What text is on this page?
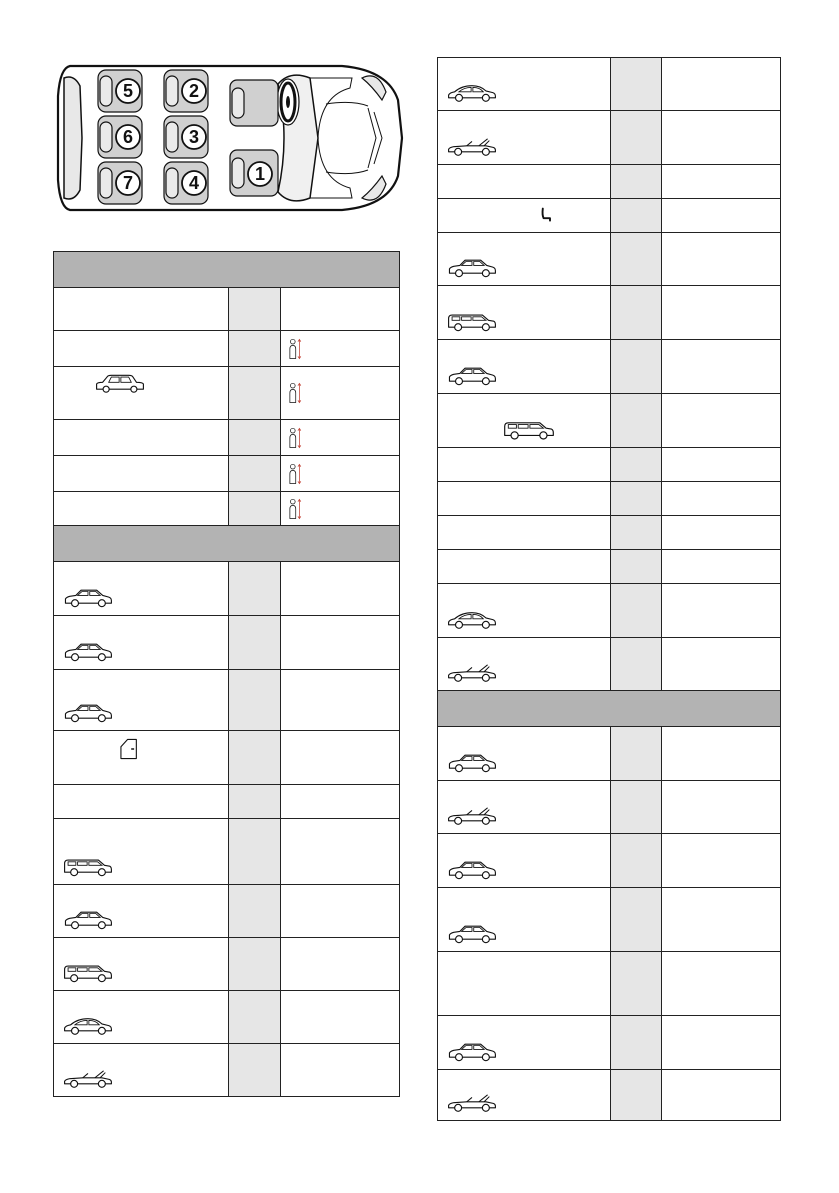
5	2
6	3
7	4	1
